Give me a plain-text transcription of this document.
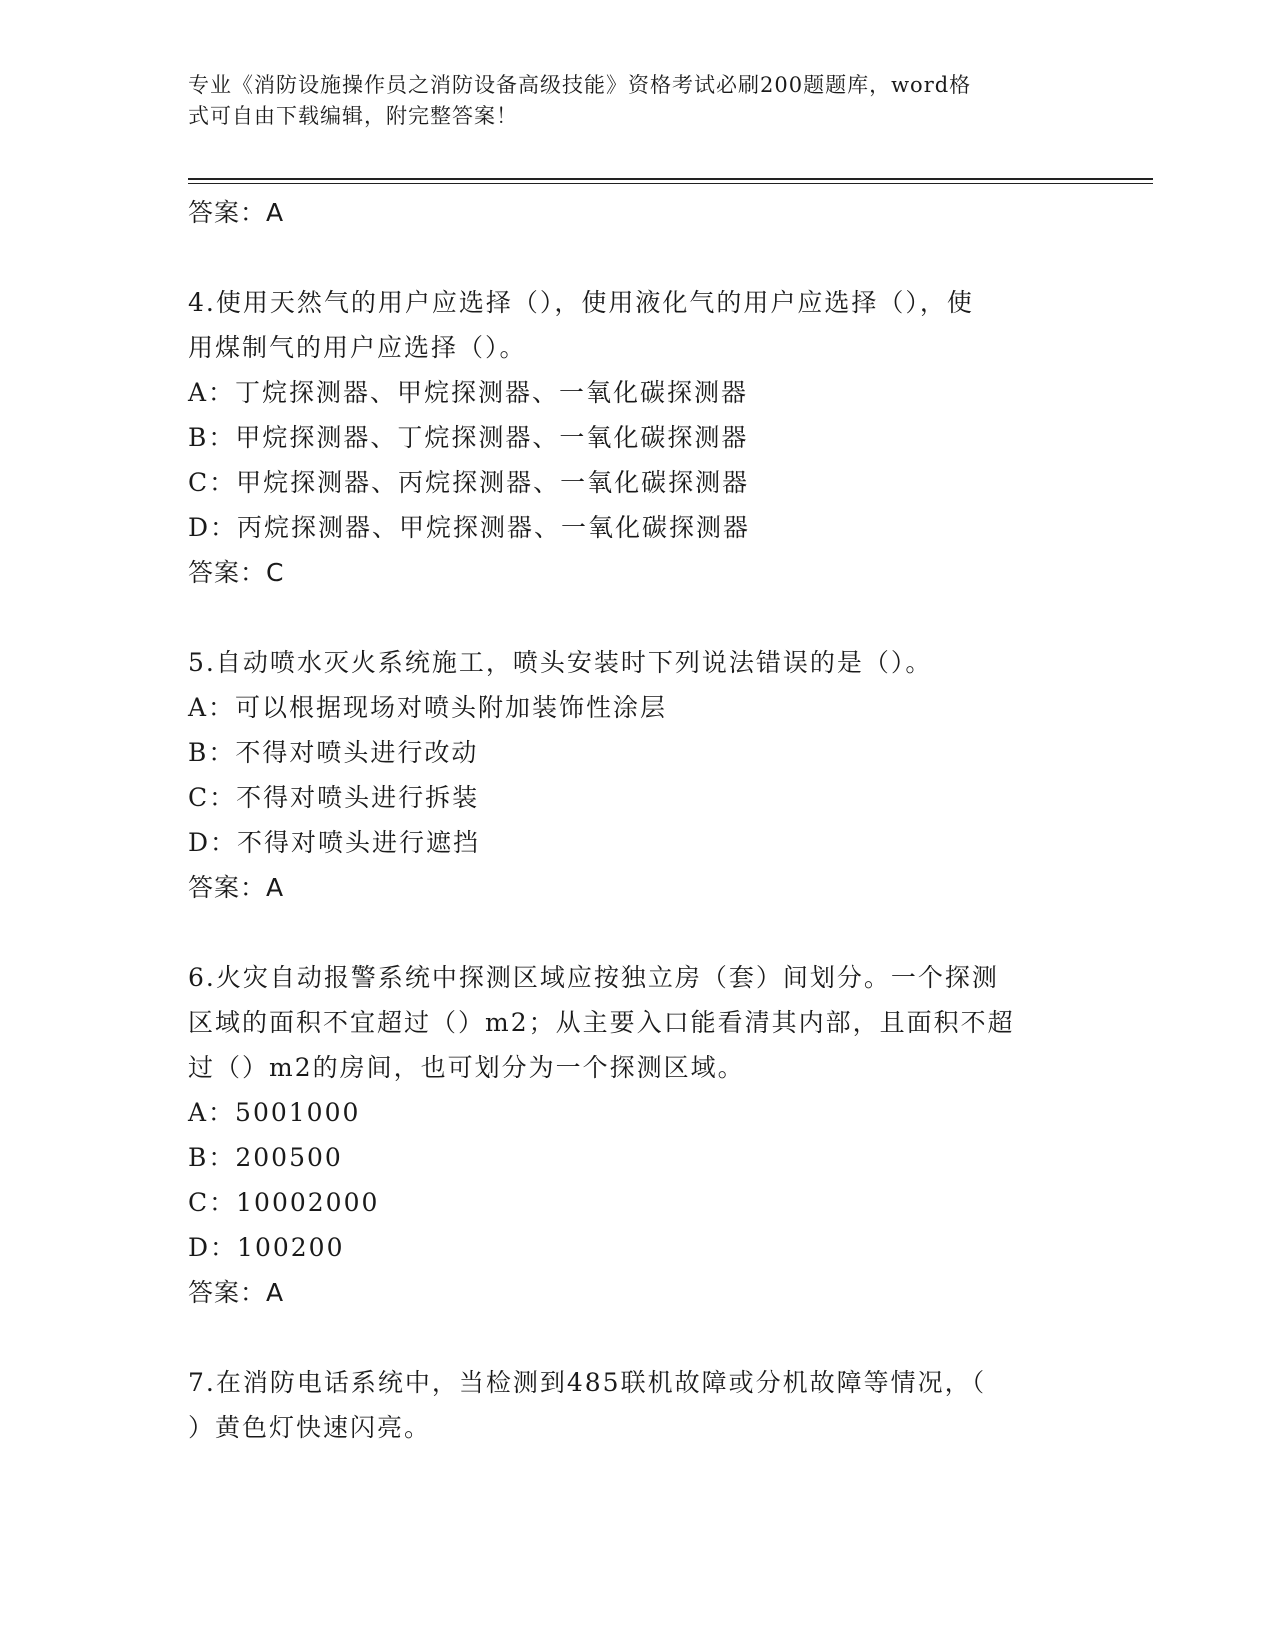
专业《消防设施操作员之消防设备高级技能》资格考试必刷200题题库，word格
式可自由下载编辑，附完整答案！
答案：A
4.使用天然气的用户应选择（），使用液化气的用户应选择（），使
用煤制气的用户应选择（）。
A：丁烷探测器、甲烷探测器、一氧化碳探测器
B：甲烷探测器、丁烷探测器、一氧化碳探测器
C：甲烷探测器、丙烷探测器、一氧化碳探测器
D：丙烷探测器、甲烷探测器、一氧化碳探测器
答案：C
5.自动喷水灭火系统施工，喷头安装时下列说法错误的是（）。
A：可以根据现场对喷头附加装饰性涂层
B：不得对喷头进行改动
C：不得对喷头进行拆装
D：不得对喷头进行遮挡
答案：A
6.火灾自动报警系统中探测区域应按独立房（套）间划分。一个探测
区域的面积不宜超过（）m2；从主要入口能看清其内部，且面积不超
过（）m2的房间，也可划分为一个探测区域。
A：5001000
B：200500
C：10002000
D：100200
答案：A
7.在消防电话系统中，当检测到485联机故障或分机故障等情况，（
）黄色灯快速闪亮。
